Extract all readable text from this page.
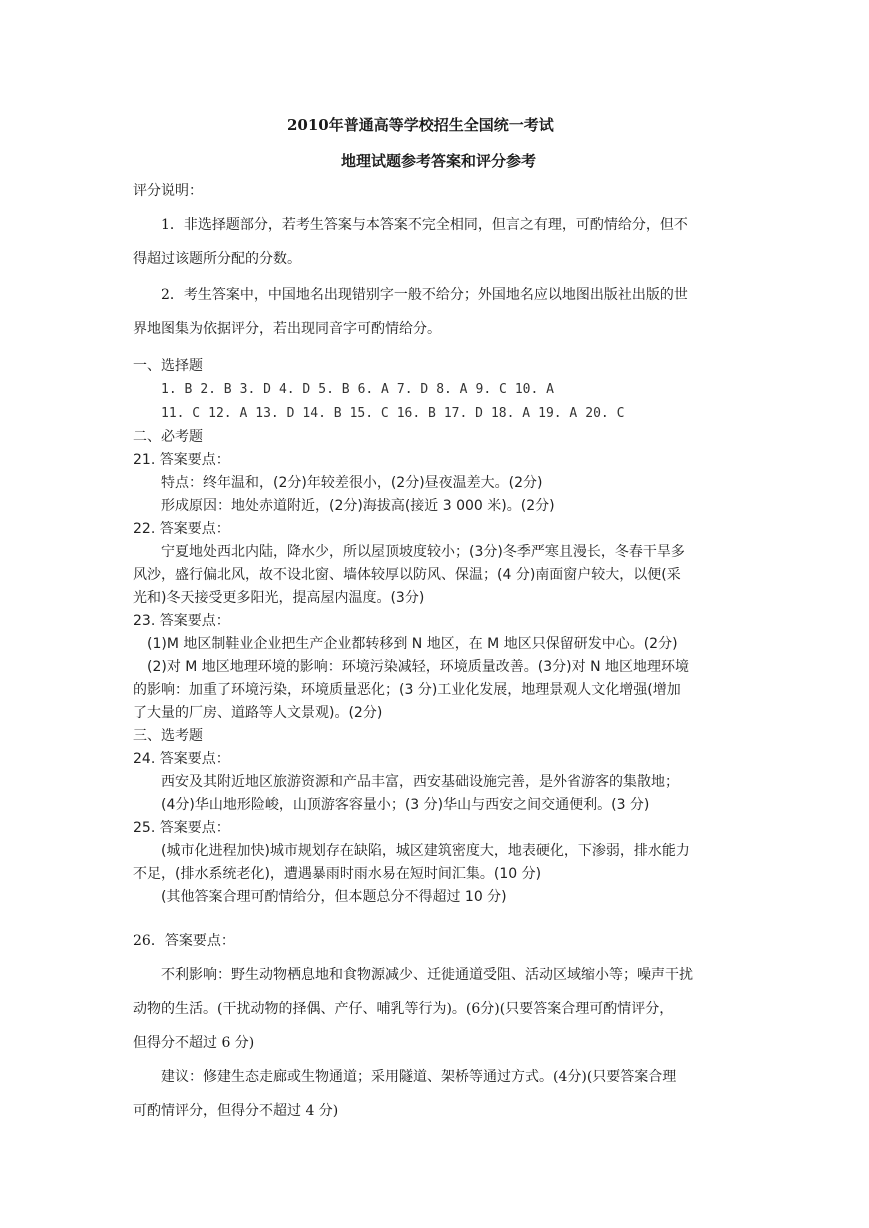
2010年普通高等学校招生全国统一考试
地理试题参考答案和评分参考
评分说明：
1．非选择题部分，若考生答案与本答案不完全相同，但言之有理，可酌情给分，但不
得超过该题所分配的分数。
2．考生答案中，中国地名出现错别字一般不给分；外国地名应以地图出版社出版的世
界地图集为依据评分，若出现同音字可酌情给分。
一、选择题
1. B 2. B 3. D 4. D 5. B 6. A 7. D 8. A 9. C 10. A
11. C 12. A 13. D 14. B 15. C 16. B 17. D 18. A 19. A 20. C
二、必考题
21. 答案要点：
特点：终年温和，(2分)年较差很小，(2分)昼夜温差大。(2分)
形成原因：地处赤道附近，(2分)海拔高(接近 3 000 米)。(2分)
22. 答案要点：
宁夏地处西北内陆，降水少，所以屋顶坡度较小；(3分)冬季严寒且漫长，冬春干旱多
风沙，盛行偏北风，故不设北窗、墙体较厚以防风、保温；(4 分)南面窗户较大，以便(采
光和)冬天接受更多阳光，提高屋内温度。(3分)
23. 答案要点：
(1)M 地区制鞋业企业把生产企业都转移到 N 地区，在 M 地区只保留研发中心。(2分)
(2)对 M 地区地理环境的影响：环境污染减轻，环境质量改善。(3分)对 N 地区地理环境
的影响：加重了环境污染，环境质量恶化；(3 分)工业化发展，地理景观人文化增强(增加
了大量的厂房、道路等人文景观)。(2分)
三、选考题
24. 答案要点：
西安及其附近地区旅游资源和产品丰富，西安基础设施完善，是外省游客的集散地；
(4分)华山地形险峻，山顶游客容量小；(3 分)华山与西安之间交通便利。(3 分)
25. 答案要点：
(城市化进程加快)城市规划存在缺陷，城区建筑密度大，地表硬化，下渗弱，排水能力
不足，(排水系统老化)，遭遇暴雨时雨水易在短时间汇集。(10 分)
(其他答案合理可酌情给分，但本题总分不得超过 10 分)
26．答案要点：
不利影响：野生动物栖息地和食物源减少、迁徙通道受阻、活动区域缩小等；噪声干扰
动物的生活。(干扰动物的择偶、产仔、哺乳等行为)。(6分)(只要答案合理可酌情评分，
但得分不超过 6 分)
建议：修建生态走廊或生物通道；采用隧道、架桥等通过方式。(4分)(只要答案合理
可酌情评分，但得分不超过 4 分)
